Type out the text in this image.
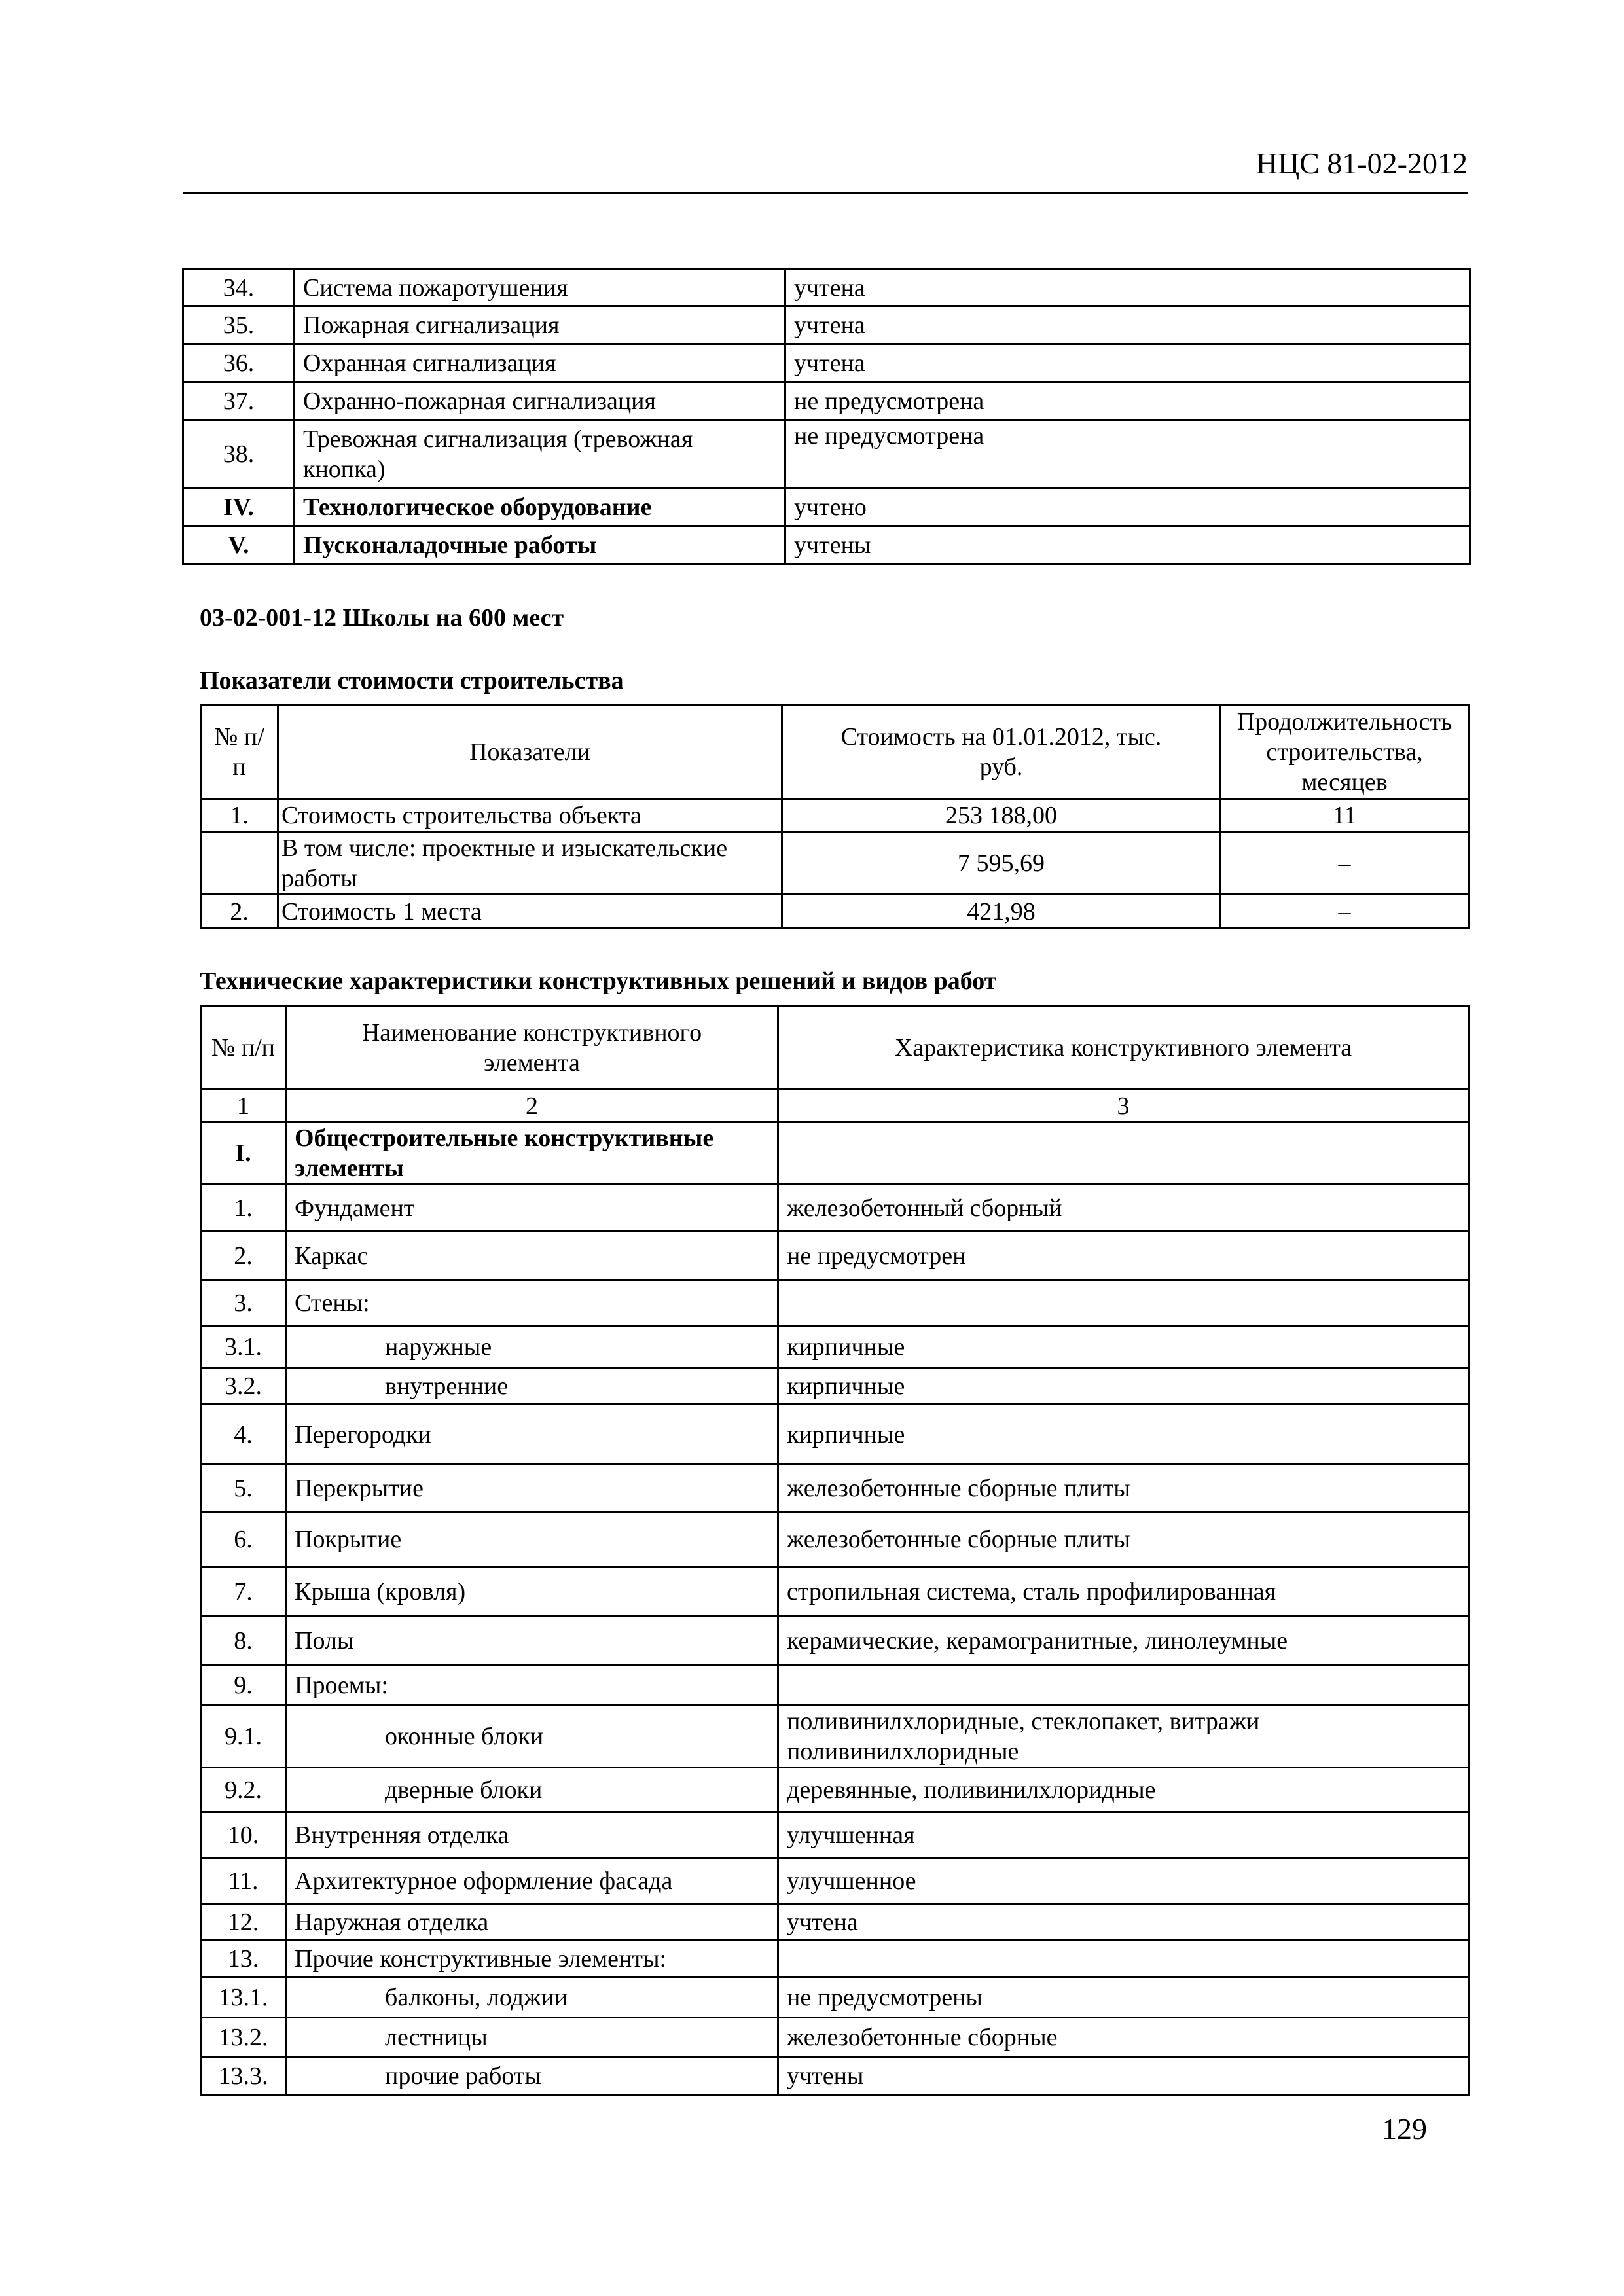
НЦС 81-02-2012
34.	Система пожаротушения	учтена
35.	Пожарная сигнализация	учтена
36.	Охранная сигнализация	учтена
37.	Охранно-пожарная сигнализация	не предусмотрена
38.	Тревожная сигнализация (тревожная кнопка)	не предусмотрена
IV.	Технологическое оборудование	учтено
V.	Пусконаладочные работы	учтены
03-02-001-12 Школы на 600 мест
Показатели стоимости строительства
№ п/п	Показатели	Стоимость на 01.01.2012, тыс. руб.	Продолжительность строительства, месяцев
1.	Стоимость строительства объекта	253 188,00	11
	В том числе: проектные и изыскательские работы	7 595,69	–
2.	Стоимость 1 места	421,98	–
Технические характеристики конструктивных решений и видов работ
№ п/п	Наименование конструктивного элемента	Характеристика конструктивного элемента
1	2	3
I.	Общестроительные конструктивные элементы	
1.	Фундамент	железобетонный сборный
2.	Каркас	не предусмотрен
3.	Стены:	
3.1.	наружные	кирпичные
3.2.	внутренние	кирпичные
4.	Перегородки	кирпичные
5.	Перекрытие	железобетонные сборные плиты
6.	Покрытие	железобетонные сборные плиты
7.	Крыша (кровля)	стропильная система, сталь профилированная
8.	Полы	керамические, керамогранитные, линолеумные
9.	Проемы:	
9.1.	оконные блоки	поливинилхлоридные, стеклопакет, витражи поливинилхлоридные
9.2.	дверные блоки	деревянные, поливинилхлоридные
10.	Внутренняя отделка	улучшенная
11.	Архитектурное оформление фасада	улучшенное
12.	Наружная отделка	учтена
13.	Прочие конструктивные элементы:	
13.1.	балконы, лоджии	не предусмотрены
13.2.	лестницы	железобетонные сборные
13.3.	прочие работы	учтены
129
